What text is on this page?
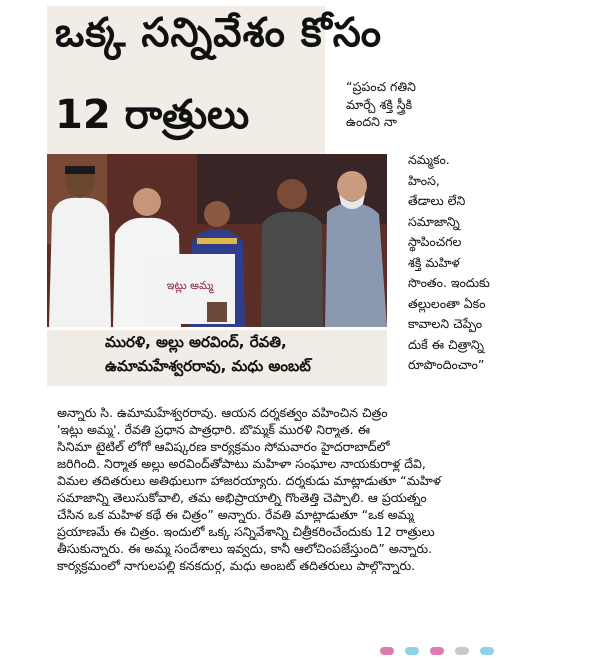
ఒక్క సన్నివేశం కోసం
12 రాత్రులు
ఇట్లు అమ్మ
మురళి, అల్లు అరవింద్, రేవతి,
ఉమామహేశ్వరరావు, మధు అంబట్
“ప్రపంచ గతిని
మార్చే శక్తి స్త్రీకి
ఉందని నా
నమ్మకం.
హింస,
తేడాలు లేని
సమాజాన్ని
స్థాపించగల
శక్తి మహిళ
సొంతం. ఇందుకు
తల్లులంతా ఏకం
కావాలని చెప్పేం
దుకే ఈ చిత్రాన్ని
రూపొందించాం”
అన్నారు సి. ఉమామహేశ్వరరావు. ఆయన దర్శకత్వం వహించిన చిత్రం
'ఇట్లు అమ్మ'. రేవతి ప్రధాన పాత్రధారి. బొమ్మక్ మురళి నిర్మాత. ఈ
సినిమా టైటిల్ లోగో ఆవిష్కరణ కార్యక్రమం సోమవారం హైదరాబాద్‌లో
జరిగింది. నిర్మాత అల్లు అరవింద్‌తోపాటు మహిళా సంఘాల నాయకురాళ్ల దేవి,
విమల తదితరులు అతిథులుగా హాజరయ్యారు. దర్శకుడు మాట్లాడుతూ “మహిళ
సమాజాన్ని తెలుసుకోవాలి, తమ అభిప్రాయాల్ని గొంతెత్తి చెప్పాలి. ఆ ప్రయత్నం
చేసిన ఒక మహిళ కథే ఈ చిత్రం” అన్నారు. రేవతి మాట్లాడుతూ “ఒక అమ్మ
ప్రయాణమే ఈ చిత్రం. ఇందులో ఒక్క సన్నివేశాన్ని చిత్రీకరించేందుకు 12 రాత్రులు
తీసుకున్నారు. ఈ అమ్మ సందేశాలు ఇవ్వదు, కానీ ఆలోచింపజేస్తుంది” అన్నారు.
కార్యక్రమంలో నాగులపల్లి కనకదుర్గ, మధు అంబట్ తదితరులు పాల్గొన్నారు.
